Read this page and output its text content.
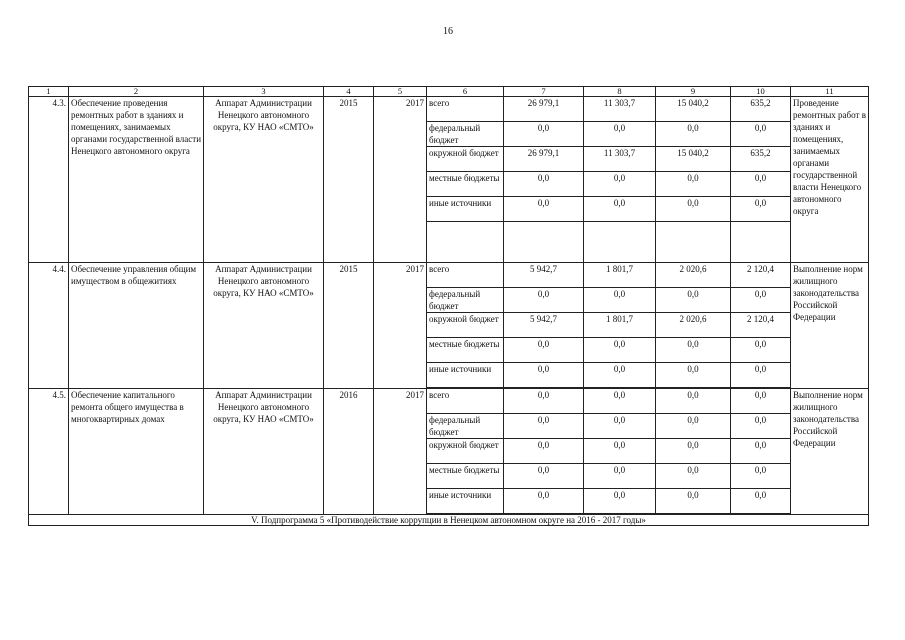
16
1	2	3	4	5	6	7	8	9	10	11
4.3.	Обеспечение проведения ремонтных работ в зданиях и помещениях, занимаемых органами государственной власти Ненецкого автономного округа	Аппарат Администрации Ненецкого автономного округа, КУ НАО «СМТО»	2015	2017	всего	26 979,1	11 303,7	15 040,2	635,2	Проведение ремонтных работ в зданиях и помещениях, занимаемых органами государственной власти Ненецкого автономного округа
					федеральный бюджет	0,0	0,0	0,0	0,0	
					окружной бюджет	26 979,1	11 303,7	15 040,2	635,2	
					местные бюджеты	0,0	0,0	0,0	0,0	
					иные источники	0,0	0,0	0,0	0,0	

4.4.	Обеспечение управления общим имуществом в общежитиях	Аппарат Администрации Ненецкого автономного округа, КУ НАО «СМТО»	2015	2017	всего	5 942,7	1 801,7	2 020,6	2 120,4	Выполнение норм жилищного законодательства Российской Федерации
					федеральный бюджет	0,0	0,0	0,0	0,0	
					окружной бюджет	5 942,7	1 801,7	2 020,6	2 120,4	
					местные бюджеты	0,0	0,0	0,0	0,0	
					иные источники	0,0	0,0	0,0	0,0	

4.5.	Обеспечение капитального ремонта общего имущества в многоквартирных домах	Аппарат Администрации Ненецкого автономного округа, КУ НАО «СМТО»	2016	2017	всего	0,0	0,0	0,0	0,0	Выполнение норм жилищного законодательства Российской Федерации
					федеральный бюджет	0,0	0,0	0,0	0,0	
					окружной бюджет	0,0	0,0	0,0	0,0	
					местные бюджеты	0,0	0,0	0,0	0,0	
					иные источники	0,0	0,0	0,0	0,0	

V. Подпрограмма 5 «Противодействие коррупции в Ненецком автономном округе на 2016 - 2017 годы»										
